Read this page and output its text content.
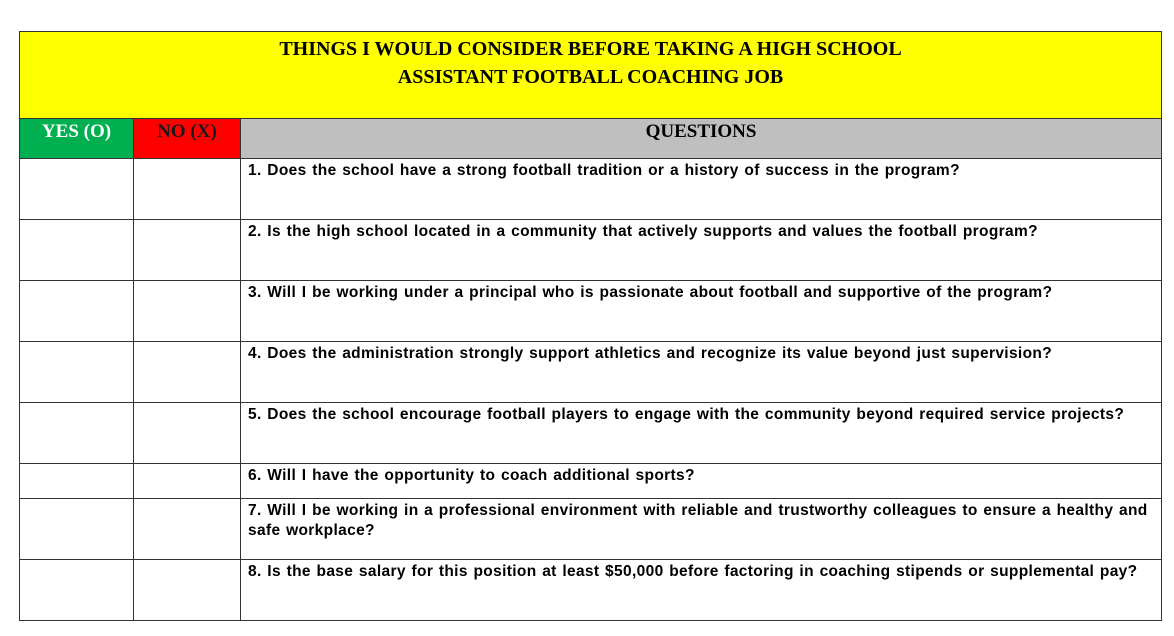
THINGS I WOULD CONSIDER BEFORE TAKING A HIGH SCHOOL
ASSISTANT FOOTBALL COACHING JOB		

YES (O)	NO (X)	QUESTIONS
		1. Does the school have a strong football tradition or a history of success in the program?
		2. Is the high school located in a community that actively supports and values the football program?
		3. Will I be working under a principal who is passionate about football and supportive of the program?
		4. Does the administration strongly support athletics and recognize its value beyond just supervision?
		5. Does the school encourage football players to engage with the community beyond required service projects?
		6. Will I have the opportunity to coach additional sports?
		7. Will I be working in a professional environment with reliable and trustworthy colleagues to ensure a healthy and safe workplace?
		8. Is the base salary for this position at least $50,000 before factoring in coaching stipends or supplemental pay?
